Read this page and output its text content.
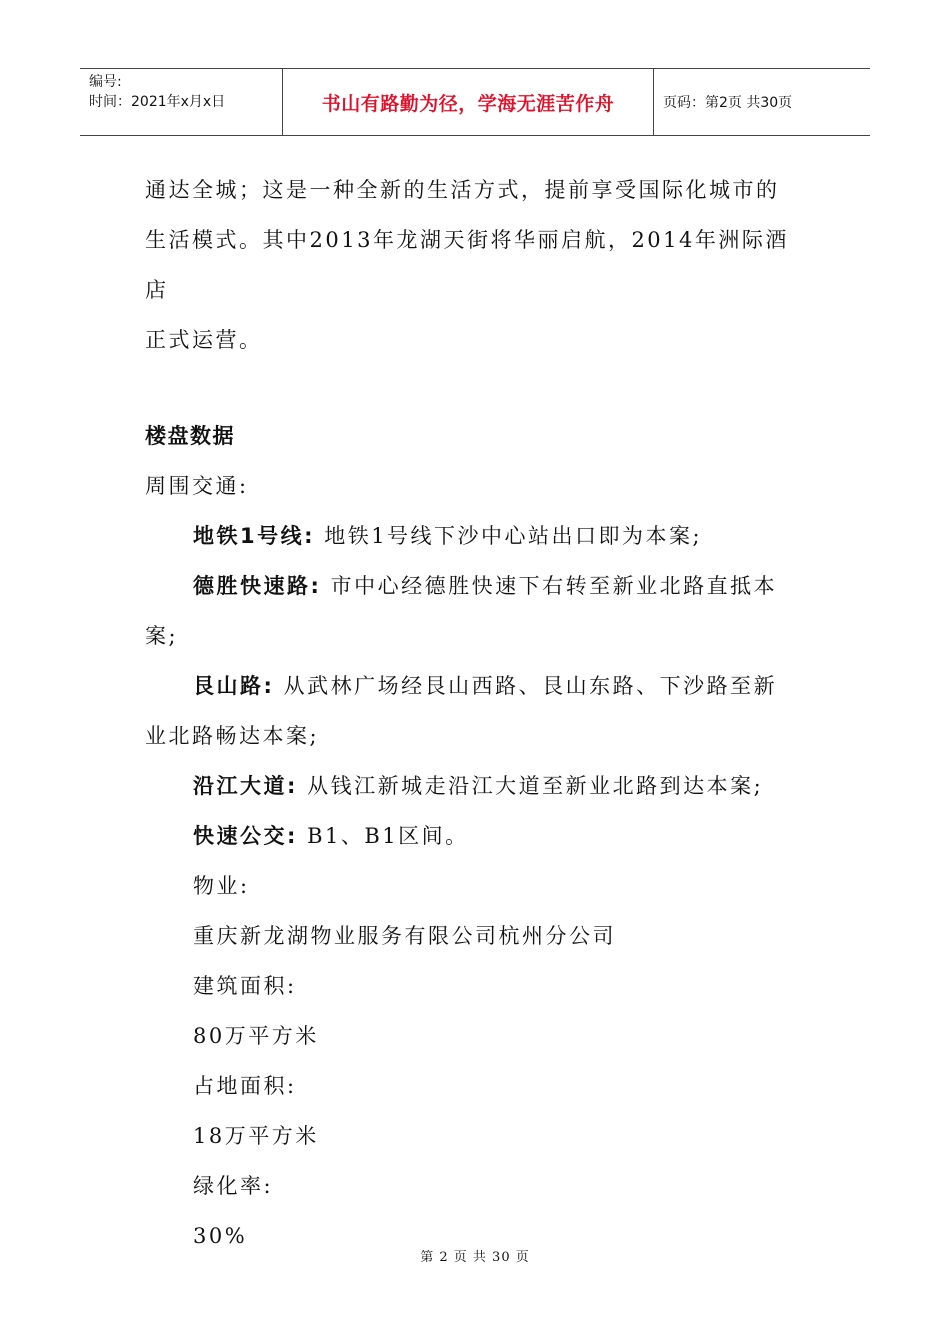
编号:
时间：2021年x月x日	书山有路勤为径，学海无涯苦作舟	页码：第2页 共30页

通达全城；这是一种全新的生活方式，提前享受国际化城市的

生活模式。其中2013年龙湖天街将华丽启航，2014年洲际酒店

正式运营。

楼盘数据

周围交通:

地铁1号线: 地铁1号线下沙中心站出口即为本案;

德胜快速路: 市中心经德胜快速下右转至新业北路直抵本

案;

艮山路: 从武林广场经艮山西路、艮山东路、下沙路至新

业北路畅达本案;

沿江大道: 从钱江新城走沿江大道至新业北路到达本案;

快速公交: B1、B1区间。

物业:

重庆新龙湖物业服务有限公司杭州分公司

建筑面积:

80万平方米

占地面积:

18万平方米

绿化率:

30%

第 2 页 共 30 页
